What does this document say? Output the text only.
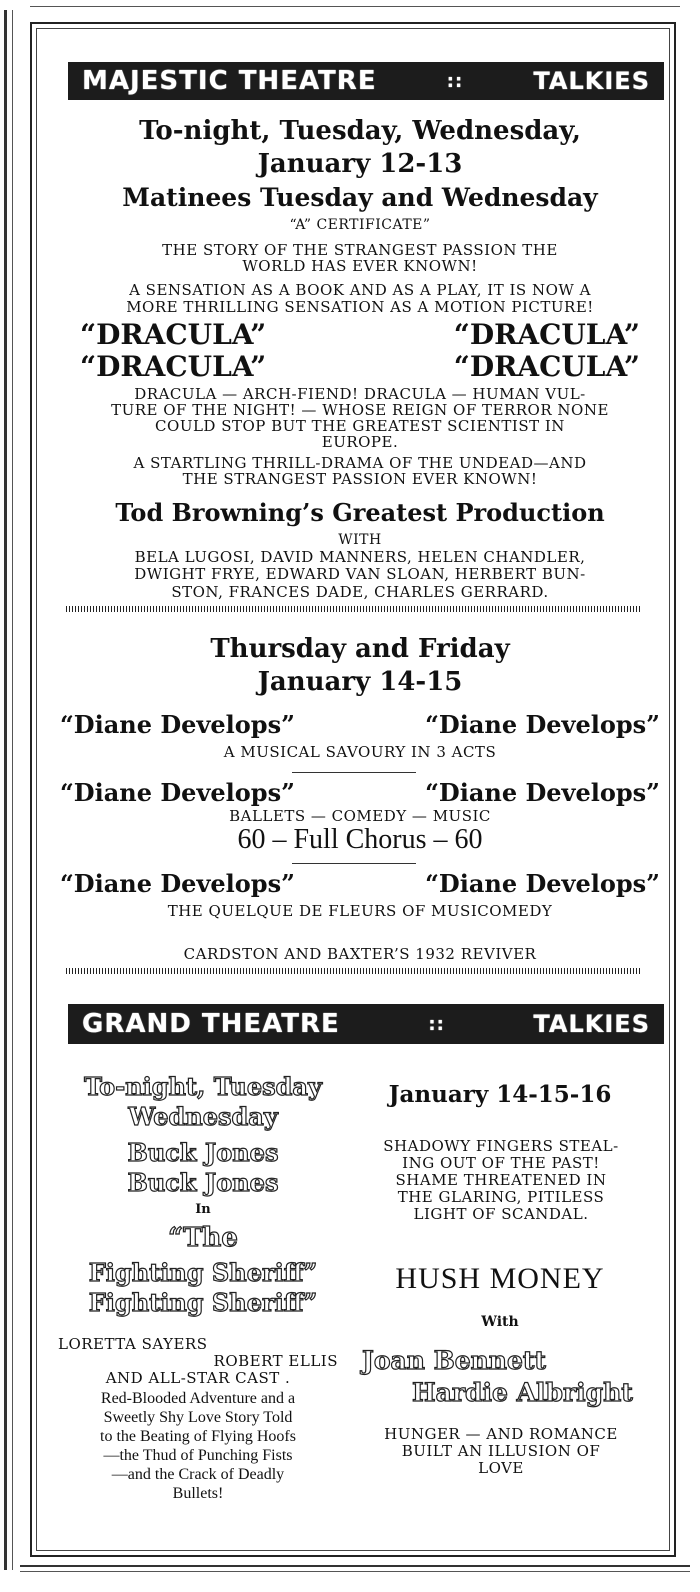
MAJESTIC THEATRE	::	TALKIES
To-night, Tuesday, Wednesday,
January 12-13
Matinees Tuesday and Wednesday
“A” CERTIFICATE”
THE STORY OF THE STRANGEST PASSION THE
WORLD HAS EVER KNOWN!
A SENSATION AS A BOOK AND AS A PLAY, IT IS NOW A
MORE THRILLING SENSATION AS A MOTION PICTURE!
“DRACULA”	“DRACULA”
“DRACULA”	“DRACULA”
DRACULA — ARCH-FIEND! DRACULA — HUMAN VUL-
TURE OF THE NIGHT! — WHOSE REIGN OF TERROR NONE
COULD STOP BUT THE GREATEST SCIENTIST IN
EUROPE.
A STARTLING THRILL-DRAMA OF THE UNDEAD—AND
THE STRANGEST PASSION EVER KNOWN!
Tod Browning’s Greatest Production
WITH
BELA LUGOSI, DAVID MANNERS, HELEN CHANDLER,
DWIGHT FRYE, EDWARD VAN SLOAN, HERBERT BUN-
STON, FRANCES DADE, CHARLES GERRARD.
Thursday and Friday
January 14-15
“Diane Develops”	“Diane Develops”
A MUSICAL SAVOURY IN 3 ACTS
“Diane Develops”	“Diane Develops”
BALLETS — COMEDY — MUSIC
60 – Full Chorus – 60
“Diane Develops”	“Diane Develops”
THE QUELQUE DE FLEURS OF MUSICOMEDY
CARDSTON AND BAXTER’S 1932 REVIVER
GRAND THEATRE	::	TALKIES
To-night, Tuesday
Wednesday
Buck Jones
Buck Jones
In
“The
Fighting Sheriff”
Fighting Sheriff”
LORETTA SAYERS
ROBERT ELLIS
AND ALL-STAR CAST .
Red-Blooded Adventure and a
Sweetly Shy Love Story Told
to the Beating of Flying Hoofs
—the Thud of Punching Fists
—and the Crack of Deadly
Bullets!
January 14-15-16
SHADOWY FINGERS STEAL-
ING OUT OF THE PAST!
SHAME THREATENED IN
THE GLARING, PITILESS
LIGHT OF SCANDAL.
HUSH MONEY
With
Joan Bennett
Hardie Albright
HUNGER — AND ROMANCE
BUILT AN ILLUSION OF
LOVE
